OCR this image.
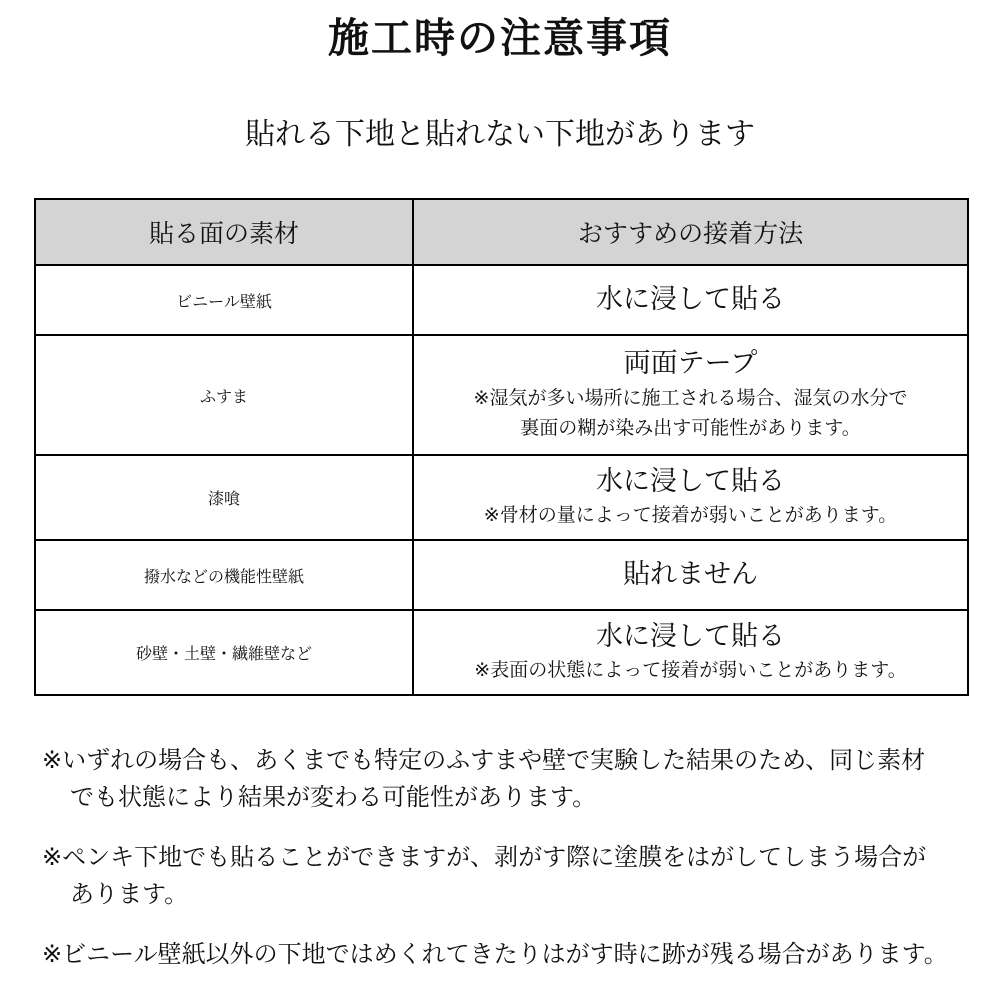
施工時の注意事項
貼れる下地と貼れない下地があります
貼る面の素材	おすすめの接着方法
ビニール壁紙	水に浸して貼る

ふすま	両面テープ
※湿気が多い場所に施工される場合、湿気の水分で
裏面の糊が染み出す可能性があります。

漆喰	水に浸して貼る
※骨材の量によって接着が弱いことがあります。

撥水などの機能性壁紙	貼れません

砂壁・土壁・繊維壁など	水に浸して貼る
※表面の状態によって接着が弱いことがあります。
※いずれの場合も、あくまでも特定のふすまや壁で実験した結果のため、同じ素材
でも状態により結果が変わる可能性があります。
※ペンキ下地でも貼ることができますが、剥がす際に塗膜をはがしてしまう場合が
あります。
※ビニール壁紙以外の下地ではめくれてきたりはがす時に跡が残る場合があります。
